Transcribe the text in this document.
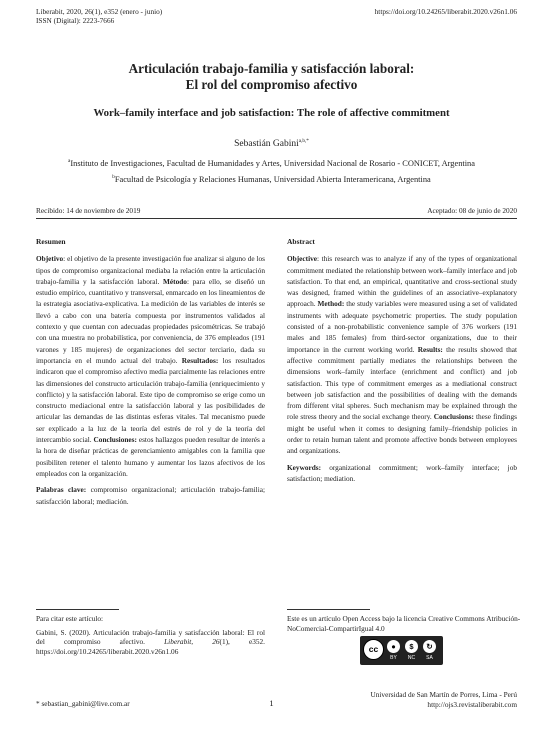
Liberabit, 2020, 26(1), e352 (enero - junio)
ISSN (Digital): 2223-7666
https://doi.org/10.24265/liberabit.2020.v26n1.06
Articulación trabajo-familia y satisfacción laboral:
El rol del compromiso afectivo
Work–family interface and job satisfaction: The role of affective commitment
Sebastián Gabini$^{a,b,*}$
$^a$Instituto de Investigaciones, Facultad de Humanidades y Artes, Universidad Nacional de Rosario - CONICET, Argentina
$^b$Facultad de Psicología y Relaciones Humanas, Universidad Abierta Interamericana, Argentina
Recibido: 14 de noviembre de 2019	Aceptado: 08 de junio de 2020
Resumen

Objetivo: el objetivo de la presente investigación fue analizar si alguno de los tipos de compromiso organizacional mediaba la relación entre la articulación trabajo-familia y la satisfacción laboral. Método: para ello, se diseñó un estudio empírico, cuantitativo y transversal, enmarcado en los lineamientos de la estrategia asociativa-explicativa. La medición de las variables de interés se llevó a cabo con una batería compuesta por instrumentos validados al contexto y que cuentan con adecuadas propiedades psicométricas. Se trabajó con una muestra no probabilística, por conveniencia, de 376 empleados (191 varones y 185 mujeres) de organizaciones del sector terciario, dada su importancia en el mundo actual del trabajo. Resultados: los resultados indicaron que el compromiso afectivo media parcialmente las relaciones entre las dimensiones del constructo articulación trabajo-familia (enriquecimiento y conflicto) y la satisfacción laboral. Este tipo de compromiso se erige como un constructo mediacional entre la satisfacción laboral y las posibilidades de articular las demandas de las distintas esferas vitales. Tal mecanismo puede ser explicado a la luz de la teoría del estrés de rol y de la teoría del intercambio social. Conclusiones: estos hallazgos pueden resultar de interés a la hora de diseñar prácticas de gerenciamiento amigables con la familia que posibiliten retener el talento humano y aumentar los lazos afectivos de los empleados con la organización.

Palabras clave: compromiso organizacional; articulación trabajo-familia; satisfacción laboral; mediación.

Abstract

Objective: this research was to analyze if any of the types of organizational commitment mediated the relationship between work–family interface and job satisfaction. To that end, an empirical, quantitative and cross-sectional study was designed, framed within the guidelines of an associative–explanatory approach. Method: the study variables were measured using a set of validated instruments with adequate psychometric properties. The study population consisted of a non-probabilistic convenience sample of 376 workers (191 males and 185 females) from third-sector organizations, due to their importance in the current working world. Results: the results showed that affective commitment partially mediates the relationships between the dimensions work–family interface (enrichment and conflict) and job satisfaction. This type of commitment emerges as a mediational construct between job satisfaction and the possibilities of dealing with the demands from different vital spheres. Such mechanism may be explained through the role stress theory and the social exchange theory. Conclusions: these findings might be useful when it comes to designing family–friendship policies in order to retain human talent and promote affective bonds between employees and organizations.

Keywords: organizational commitment; work–family interface; job satisfaction; mediation.

Para citar este artículo:
Gabini, S. (2020). Articulación trabajo-familia y satisfacción laboral: El rol del compromiso afectivo. Liberabit, 26(1), e352. https://doi.org/10.24265/liberabit.2020.v26n1.06
Este es un artículo Open Access bajo la licencia Creative Commons Atribución-NoComercial-CompartirIgual 4.0
cc	●	$	↻
BY	NC	SA
* sebastian_gabini@live.com.ar	1
Universidad de San Martín de Porres, Lima - Perú
http://ojs3.revistaliberabit.com
